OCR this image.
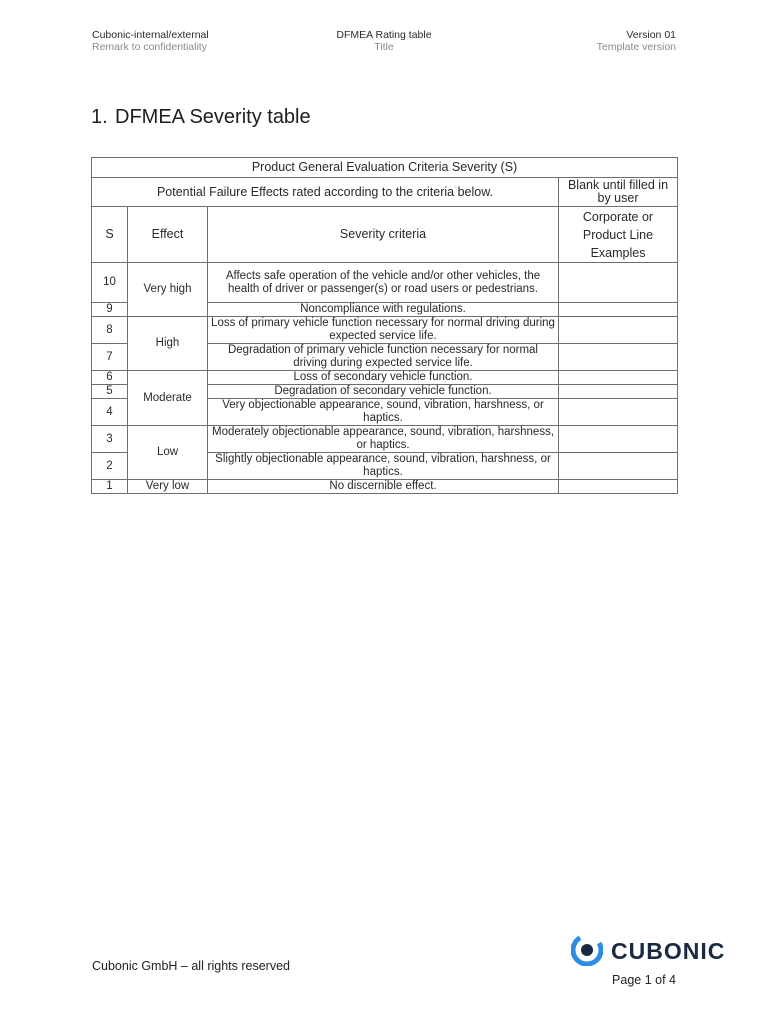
Cubonic-internal/external
Remark to confidentiality
DFMEA Rating table
Title
Version 01
Template version
1. DFMEA Severity table
Product General Evaluation Criteria Severity (S)			
Potential Failure Effects rated according to the criteria below.			Blank until filled in by user
S	Effect	Severity criteria	Corporate or Product Line Examples
10	Very high	Affects safe operation of the vehicle and/or other vehicles, the health of driver or passenger(s) or road users or pedestrians.	
9		Noncompliance with regulations.	
8	High	Loss of primary vehicle function necessary for normal driving during expected service life.	
7		Degradation of primary vehicle function necessary for normal driving during expected service life.	
6	Moderate	Loss of secondary vehicle function.	
5		Degradation of secondary vehicle function.	
4		Very objectionable appearance, sound, vibration, harshness, or haptics.	
3	Low	Moderately objectionable appearance, sound, vibration, harshness, or haptics.	
2		Slightly objectionable appearance, sound, vibration, harshness, or haptics.	
1	Very low	No discernible effect.	
CUBONIC
Cubonic GmbH – all rights reserved
Page 1 of 4
